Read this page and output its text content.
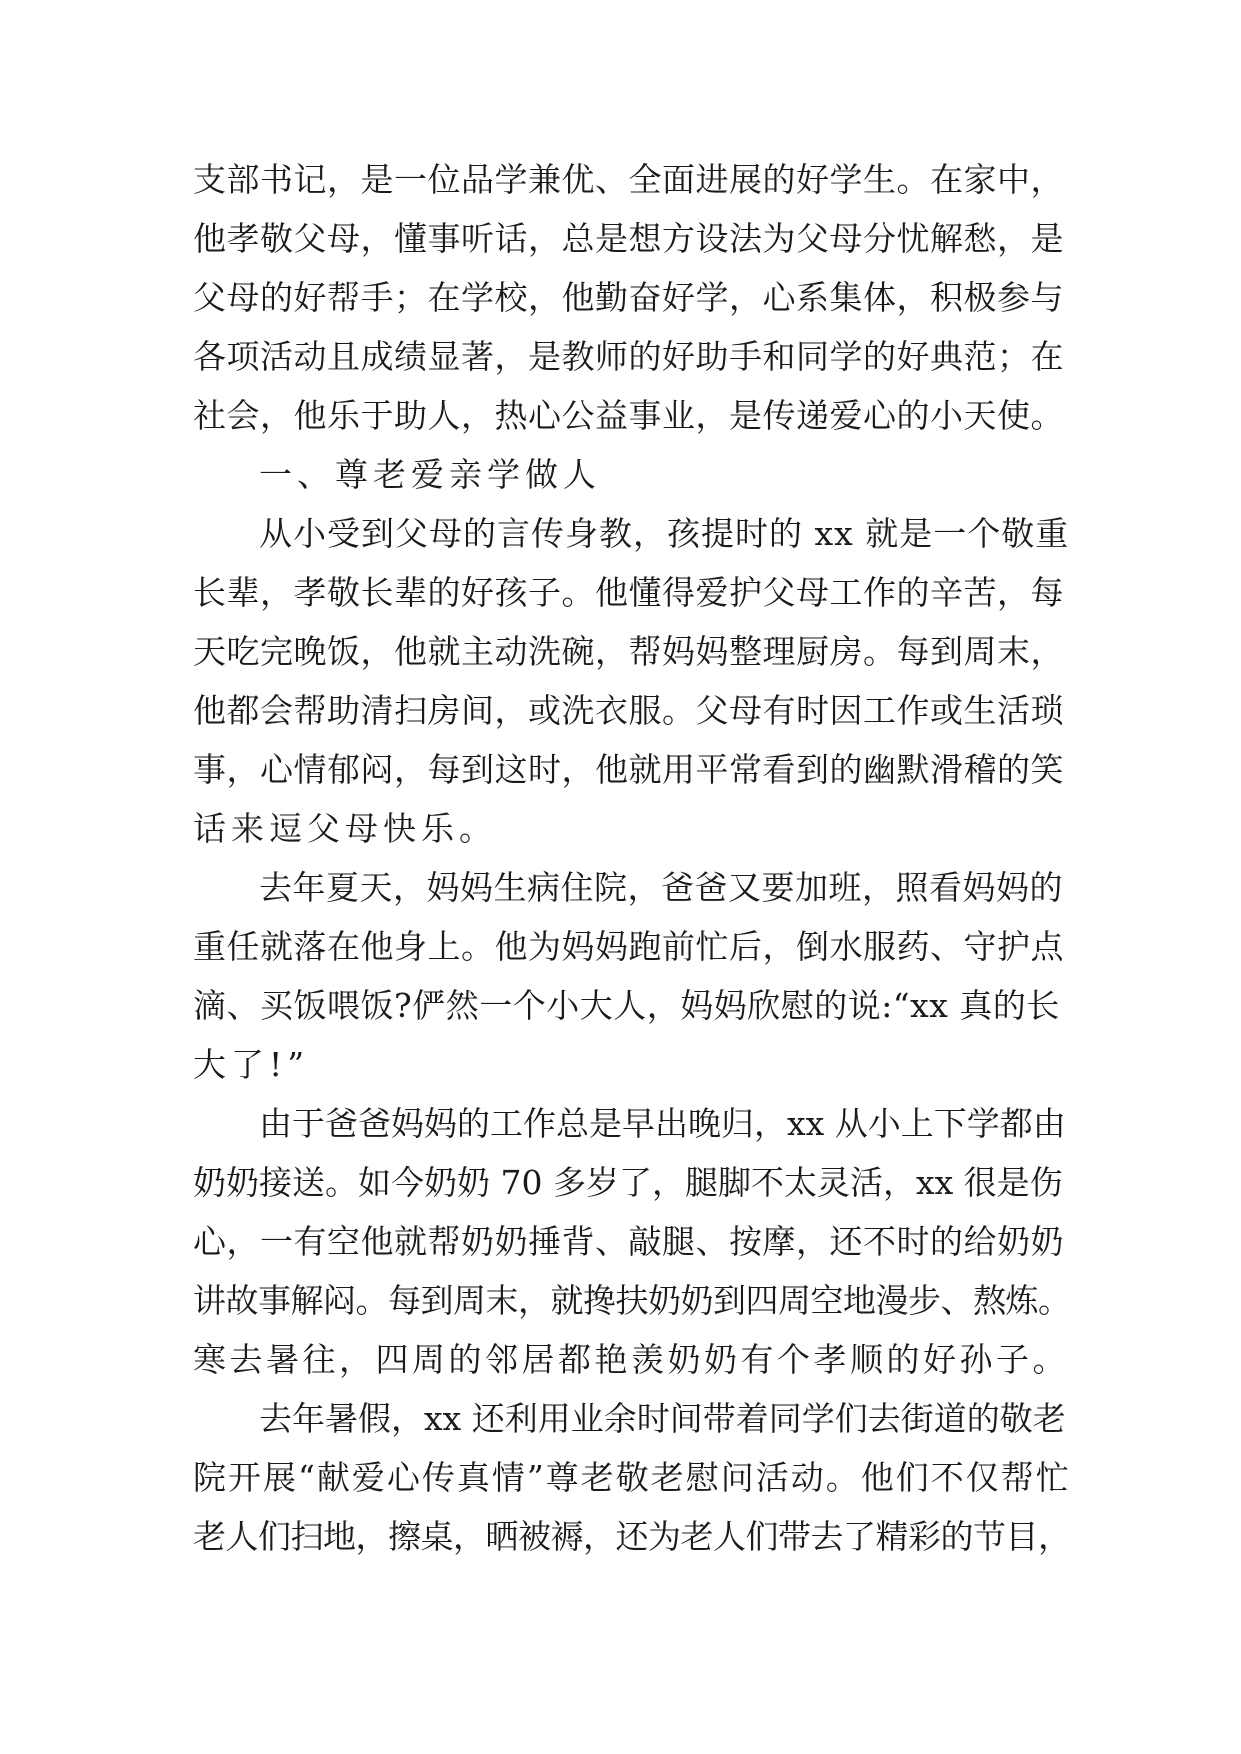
支部书记，是一位品学兼优、全面进展的好学生。在家中，
他孝敬父母，懂事听话，总是想方设法为父母分忧解愁，是
父母的好帮手；在学校，他勤奋好学，心系集体，积极参与
各项活动且成绩显著，是教师的好助手和同学的好典范；在
社会，他乐于助人，热心公益事业，是传递爱心的小天使。
一、尊老爱亲学做人
从小受到父母的言传身教，孩提时的 xx 就是一个敬重
长辈，孝敬长辈的好孩子。他懂得爱护父母工作的辛苦，每
天吃完晚饭，他就主动洗碗，帮妈妈整理厨房。每到周末，
他都会帮助清扫房间，或洗衣服。父母有时因工作或生活琐
事，心情郁闷，每到这时，他就用平常看到的幽默滑稽的笑
话来逗父母快乐。
去年夏天，妈妈生病住院，爸爸又要加班，照看妈妈的
重任就落在他身上。他为妈妈跑前忙后，倒水服药、守护点
滴、买饭喂饭?俨然一个小大人，妈妈欣慰的说:“xx 真的长
大了!”
由于爸爸妈妈的工作总是早出晚归，xx 从小上下学都由
奶奶接送。如今奶奶 70 多岁了，腿脚不太灵活，xx 很是伤
心，一有空他就帮奶奶捶背、敲腿、按摩，还不时的给奶奶
讲故事解闷。每到周末，就搀扶奶奶到四周空地漫步、熬炼。
寒去暑往，四周的邻居都艳羡奶奶有个孝顺的好孙子。
去年暑假，xx 还利用业余时间带着同学们去街道的敬老
院开展“献爱心传真情”尊老敬老慰问活动。他们不仅帮忙
老人们扫地，擦桌，晒被褥，还为老人们带去了精彩的节目，
